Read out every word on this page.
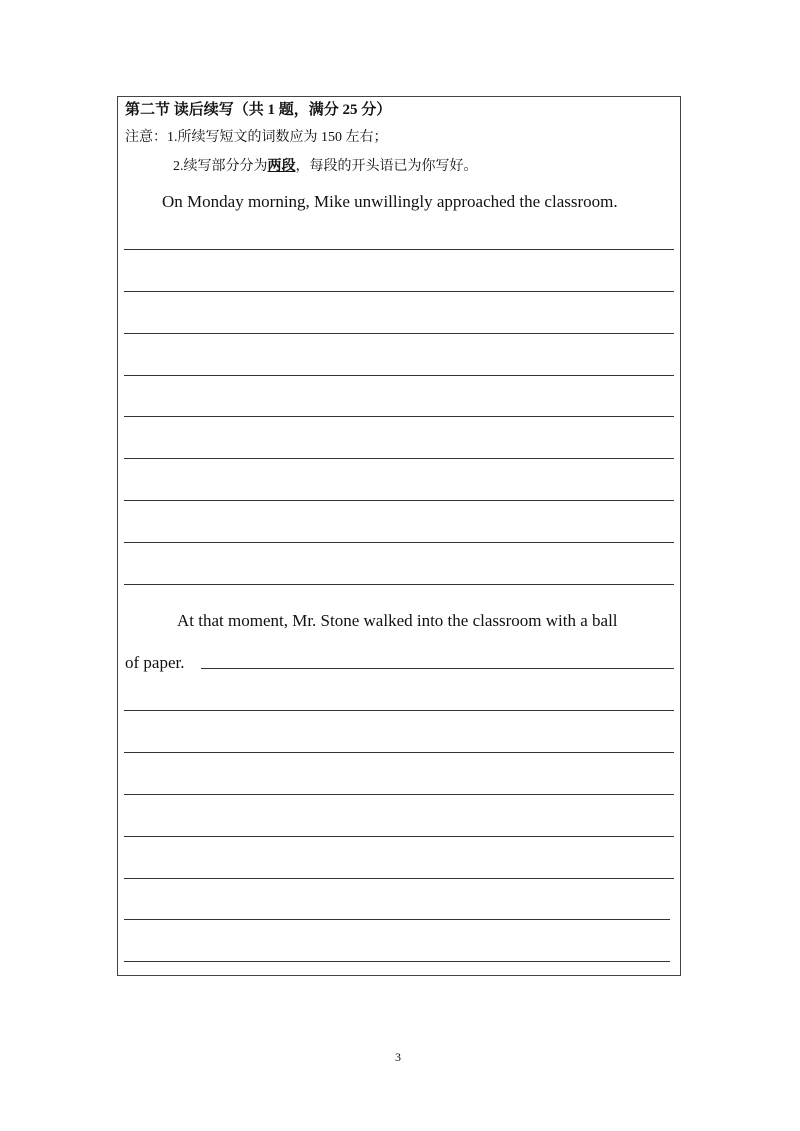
第二节 读后续写（共 1 题，满分 25 分）
注意：1.所续写短文的词数应为 150 左右；
2.续写部分分为两段，每段的开头语已为你写好。
On Monday morning, Mike unwillingly approached the classroom.
At that moment, Mr. Stone walked into the classroom with a ball
of paper.
3
